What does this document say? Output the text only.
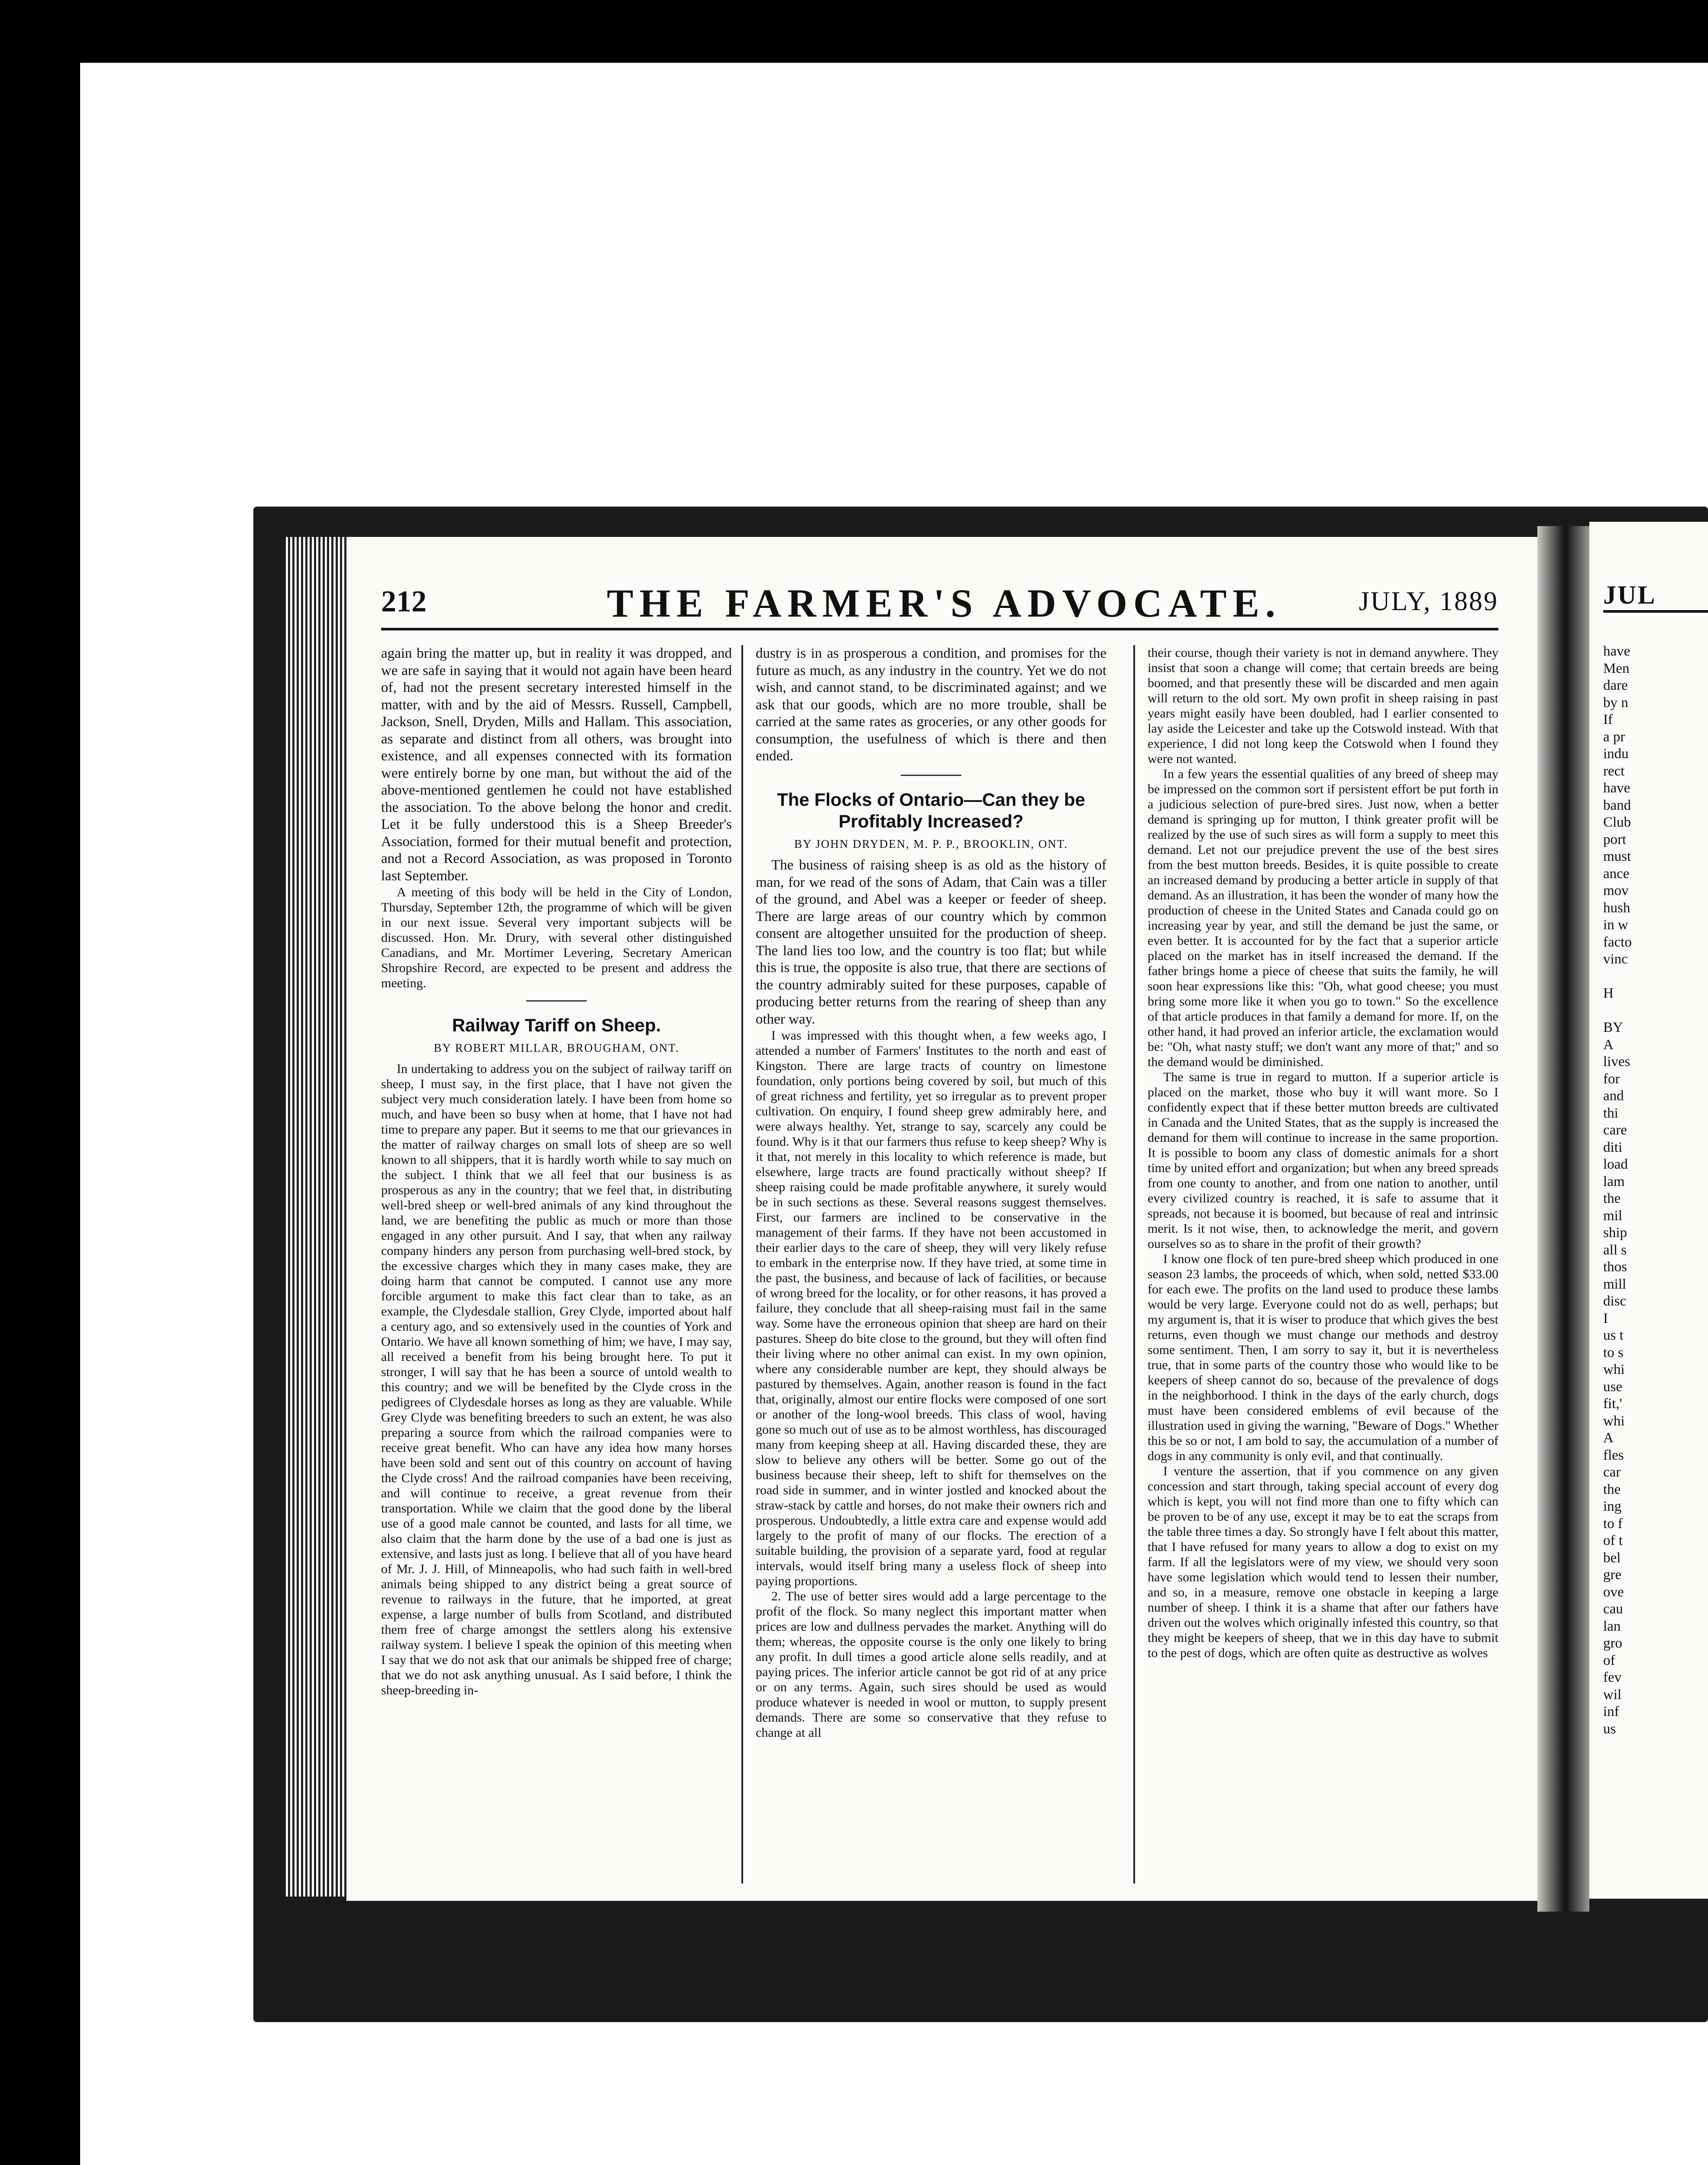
JUL
have
Men
dare
by n
If
a pr
indu
rect
have
band
Club
port
must
ance
mov
hush
in w
facto
vinc

H

BY
A
lives
for
and
thi
care
diti
load
lam
the
mil
ship
all s
thos
mill
disc
I
us t
to s
whi
use
fit,'
whi
A
fles
car
the
ing
to f
of t
bel
gre
ove
cau
lan
gro
of
fev
wil
inf
us
212	THE FARMER'S ADVOCATE.	JULY, 1889

again bring the matter up, but in reality it was dropped, and we are safe in saying that it would not again have been heard of, had not the present secretary interested himself in the matter, with and by the aid of Messrs. Russell, Campbell, Jackson, Snell, Dryden, Mills and Hallam. This association, as separate and distinct from all others, was brought into existence, and all expenses connected with its formation were entirely borne by one man, but without the aid of the above-mentioned gentlemen he could not have established the association. To the above belong the honor and credit. Let it be fully understood this is a Sheep Breeder's Association, formed for their mutual benefit and protection, and not a Record Association, as was proposed in Toronto last September.

A meeting of this body will be held in the City of London, Thursday, September 12th, the programme of which will be given in our next issue. Several very important subjects will be discussed. Hon. Mr. Drury, with several other distinguished Canadians, and Mr. Mortimer Levering, Secretary American Shropshire Record, are expected to be present and address the meeting.

Railway Tariff on Sheep.
BY ROBERT MILLAR, BROUGHAM, ONT.

In undertaking to address you on the subject of railway tariff on sheep, I must say, in the first place, that I have not given the subject very much consideration lately. I have been from home so much, and have been so busy when at home, that I have not had time to prepare any paper. But it seems to me that our grievances in the matter of railway charges on small lots of sheep are so well known to all shippers, that it is hardly worth while to say much on the subject. I think that we all feel that our business is as prosperous as any in the country; that we feel that, in distributing well-bred sheep or well-bred animals of any kind throughout the land, we are benefiting the public as much or more than those engaged in any other pursuit. And I say, that when any railway company hinders any person from purchasing well-bred stock, by the excessive charges which they in many cases make, they are doing harm that cannot be computed. I cannot use any more forcible argument to make this fact clear than to take, as an example, the Clydesdale stallion, Grey Clyde, imported about half a century ago, and so extensively used in the counties of York and Ontario. We have all known something of him; we have, I may say, all received a benefit from his being brought here. To put it stronger, I will say that he has been a source of untold wealth to this country; and we will be benefited by the Clyde cross in the pedigrees of Clydesdale horses as long as they are valuable. While Grey Clyde was benefiting breeders to such an extent, he was also preparing a source from which the railroad companies were to receive great benefit. Who can have any idea how many horses have been sold and sent out of this country on account of having the Clyde cross! And the railroad companies have been receiving, and will continue to receive, a great revenue from their transportation. While we claim that the good done by the liberal use of a good male cannot be counted, and lasts for all time, we also claim that the harm done by the use of a bad one is just as extensive, and lasts just as long. I believe that all of you have heard of Mr. J. J. Hill, of Minneapolis, who had such faith in well-bred animals being shipped to any district being a great source of revenue to railways in the future, that he imported, at great expense, a large number of bulls from Scotland, and distributed them free of charge amongst the settlers along his extensive railway system. I believe I speak the opinion of this meeting when I say that we do not ask that our animals be shipped free of charge; that we do not ask anything unusual. As I said before, I think the sheep-breeding in-

dustry is in as prosperous a condition, and promises for the future as much, as any industry in the country. Yet we do not wish, and cannot stand, to be discriminated against; and we ask that our goods, which are no more trouble, shall be carried at the same rates as groceries, or any other goods for consumption, the usefulness of which is there and then ended.

The Flocks of Ontario—Can they be Profitably Increased?
BY JOHN DRYDEN, M. P. P., BROOKLIN, ONT.

The business of raising sheep is as old as the history of man, for we read of the sons of Adam, that Cain was a tiller of the ground, and Abel was a keeper or feeder of sheep. There are large areas of our country which by common consent are altogether unsuited for the production of sheep. The land lies too low, and the country is too flat; but while this is true, the opposite is also true, that there are sections of the country admirably suited for these purposes, capable of producing better returns from the rearing of sheep than any other way.

I was impressed with this thought when, a few weeks ago, I attended a number of Farmers' Institutes to the north and east of Kingston. There are large tracts of country on limestone foundation, only portions being covered by soil, but much of this of great richness and fertility, yet so irregular as to prevent proper cultivation. On enquiry, I found sheep grew admirably here, and were always healthy. Yet, strange to say, scarcely any could be found. Why is it that our farmers thus refuse to keep sheep? Why is it that, not merely in this locality to which reference is made, but elsewhere, large tracts are found practically without sheep? If sheep raising could be made profitable anywhere, it surely would be in such sections as these. Several reasons suggest themselves. First, our farmers are inclined to be conservative in the management of their farms. If they have not been accustomed in their earlier days to the care of sheep, they will very likely refuse to embark in the enterprise now. If they have tried, at some time in the past, the business, and because of lack of facilities, or because of wrong breed for the locality, or for other reasons, it has proved a failure, they conclude that all sheep-raising must fail in the same way. Some have the erroneous opinion that sheep are hard on their pastures. Sheep do bite close to the ground, but they will often find their living where no other animal can exist. In my own opinion, where any considerable number are kept, they should always be pastured by themselves. Again, another reason is found in the fact that, originally, almost our entire flocks were composed of one sort or another of the long-wool breeds. This class of wool, having gone so much out of use as to be almost worthless, has discouraged many from keeping sheep at all. Having discarded these, they are slow to believe any others will be better. Some go out of the business because their sheep, left to shift for themselves on the road side in summer, and in winter jostled and knocked about the straw-stack by cattle and horses, do not make their owners rich and prosperous. Undoubtedly, a little extra care and expense would add largely to the profit of many of our flocks. The erection of a suitable building, the provision of a separate yard, food at regular intervals, would itself bring many a useless flock of sheep into paying proportions.

2. The use of better sires would add a large percentage to the profit of the flock. So many neglect this important matter when prices are low and dullness pervades the market. Anything will do them; whereas, the opposite course is the only one likely to bring any profit. In dull times a good article alone sells readily, and at paying prices. The inferior article cannot be got rid of at any price or on any terms. Again, such sires should be used as would produce whatever is needed in wool or mutton, to supply present demands. There are some so conservative that they refuse to change at all

their course, though their variety is not in demand anywhere. They insist that soon a change will come; that certain breeds are being boomed, and that presently these will be discarded and men again will return to the old sort. My own profit in sheep raising in past years might easily have been doubled, had I earlier consented to lay aside the Leicester and take up the Cotswold instead. With that experience, I did not long keep the Cotswold when I found they were not wanted.

In a few years the essential qualities of any breed of sheep may be impressed on the common sort if persistent effort be put forth in a judicious selection of pure-bred sires. Just now, when a better demand is springing up for mutton, I think greater profit will be realized by the use of such sires as will form a supply to meet this demand. Let not our prejudice prevent the use of the best sires from the best mutton breeds. Besides, it is quite possible to create an increased demand by producing a better article in supply of that demand. As an illustration, it has been the wonder of many how the production of cheese in the United States and Canada could go on increasing year by year, and still the demand be just the same, or even better. It is accounted for by the fact that a superior article placed on the market has in itself increased the demand. If the father brings home a piece of cheese that suits the family, he will soon hear expressions like this: "Oh, what good cheese; you must bring some more like it when you go to town." So the excellence of that article produces in that family a demand for more. If, on the other hand, it had proved an inferior article, the exclamation would be: "Oh, what nasty stuff; we don't want any more of that;" and so the demand would be diminished.

The same is true in regard to mutton. If a superior article is placed on the market, those who buy it will want more. So I confidently expect that if these better mutton breeds are cultivated in Canada and the United States, that as the supply is increased the demand for them will continue to increase in the same proportion. It is possible to boom any class of domestic animals for a short time by united effort and organization; but when any breed spreads from one county to another, and from one nation to another, until every civilized country is reached, it is safe to assume that it spreads, not because it is boomed, but because of real and intrinsic merit. Is it not wise, then, to acknowledge the merit, and govern ourselves so as to share in the profit of their growth?

I know one flock of ten pure-bred sheep which produced in one season 23 lambs, the proceeds of which, when sold, netted $33.00 for each ewe. The profits on the land used to produce these lambs would be very large. Everyone could not do as well, perhaps; but my argument is, that it is wiser to produce that which gives the best returns, even though we must change our methods and destroy some sentiment. Then, I am sorry to say it, but it is nevertheless true, that in some parts of the country those who would like to be keepers of sheep cannot do so, because of the prevalence of dogs in the neighborhood. I think in the days of the early church, dogs must have been considered emblems of evil because of the illustration used in giving the warning, "Beware of Dogs." Whether this be so or not, I am bold to say, the accumulation of a number of dogs in any community is only evil, and that continually.

I venture the assertion, that if you commence on any given concession and start through, taking special account of every dog which is kept, you will not find more than one to fifty which can be proven to be of any use, except it may be to eat the scraps from the table three times a day. So strongly have I felt about this matter, that I have refused for many years to allow a dog to exist on my farm. If all the legislators were of my view, we should very soon have some legislation which would tend to lessen their number, and so, in a measure, remove one obstacle in keeping a large number of sheep. I think it is a shame that after our fathers have driven out the wolves which originally infested this country, so that they might be keepers of sheep, that we in this day have to submit to the pest of dogs, which are often quite as destructive as wolves
